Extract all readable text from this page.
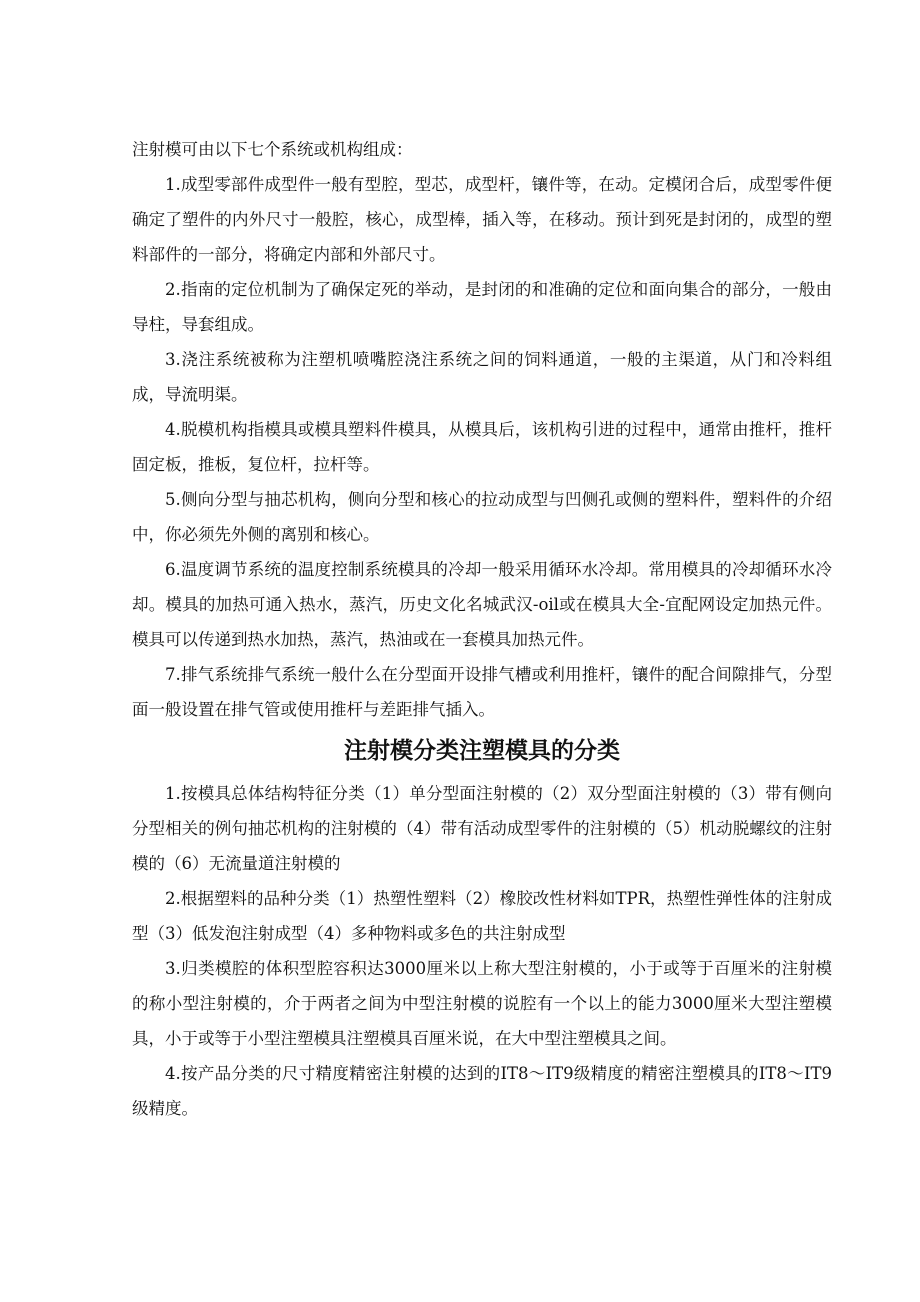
注射模可由以下七个系统或机构组成：

1.成型零部件成型件一般有型腔，型芯，成型杆，镶件等，在动。定模闭合后，成型零件便确定了塑件的内外尺寸一般腔，核心，成型棒，插入等，在移动。预计到死是封闭的，成型的塑料部件的一部分，将确定内部和外部尺寸。

2.指南的定位机制为了确保定死的举动，是封闭的和准确的定位和面向集合的部分，一般由导柱，导套组成。

3.浇注系统被称为注塑机喷嘴腔浇注系统之间的饲料通道，一般的主渠道，从门和冷料组成，导流明渠。

4.脱模机构指模具或模具塑料件模具，从模具后，该机构引进的过程中，通常由推杆，推杆固定板，推板，复位杆，拉杆等。

5.侧向分型与抽芯机构，侧向分型和核心的拉动成型与凹侧孔或侧的塑料件，塑料件的介绍中，你必须先外侧的离别和核心。

6.温度调节系统的温度控制系统模具的冷却一般采用循环水冷却。常用模具的冷却循环水冷却。模具的加热可通入热水，蒸汽，历史文化名城武汉-oil或在模具大全-宜配网设定加热元件。模具可以传递到热水加热，蒸汽，热油或在一套模具加热元件。

7.排气系统排气系统一般什么在分型面开设排气槽或利用推杆，镶件的配合间隙排气，分型面一般设置在排气管或使用推杆与差距排气插入。

注射模分类注塑模具的分类

1.按模具总体结构特征分类（1）单分型面注射模的（2）双分型面注射模的（3）带有侧向分型相关的例句抽芯机构的注射模的（4）带有活动成型零件的注射模的（5）机动脱螺纹的注射模的（6）无流量道注射模的

2.根据塑料的品种分类（1）热塑性塑料（2）橡胶改性材料如TPR，热塑性弹性体的注射成型（3）低发泡注射成型（4）多种物料或多色的共注射成型

3.归类模腔的体积型腔容积达3000厘米以上称大型注射模的，小于或等于百厘米的注射模的称小型注射模的，介于两者之间为中型注射模的说腔有一个以上的能力3000厘米大型注塑模具，小于或等于小型注塑模具注塑模具百厘米说，在大中型注塑模具之间。

4.按产品分类的尺寸精度精密注射模的达到的IT8～IT9级精度的精密注塑模具的IT8～IT9级精度。
